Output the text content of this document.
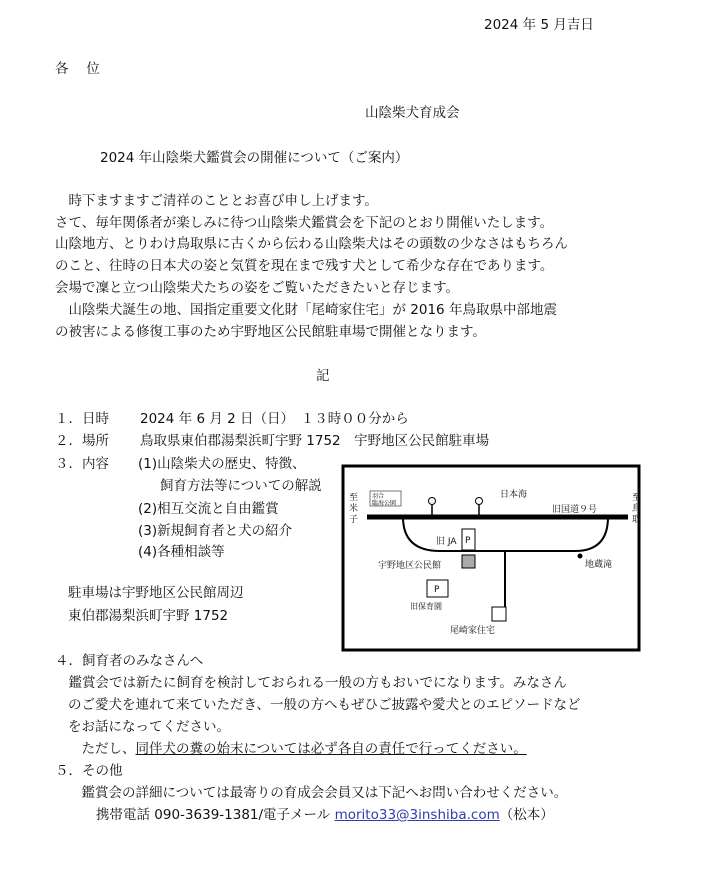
2024 年 5 月吉日
各　 位
山陰柴犬育成会
2024 年山陰柴犬鑑賞会の開催について（ご案内）
　時下ますますご清祥のこととお喜び申し上げます。
さて、毎年関係者が楽しみに待つ山陰柴犬鑑賞会を下記のとおり開催いたします。
山陰地方、とりわけ鳥取県に古くから伝わる山陰柴犬はその頭数の少なさはもちろん
のこと、往時の日本犬の姿と気質を現在まで残す犬として希少な存在であります。
会場で凜と立つ山陰柴犬たちの姿をご覧いただきたいと存じます。
　山陰柴犬誕生の地、国指定重要文化財「尾崎家住宅」が 2016 年鳥取県中部地震
の被害による修復工事のため宇野地区公民館駐車場で開催となります。
記
１．日時 2024 年 6 月 2 日（日）　１３時００分から
２．場所 鳥取県東伯郡湯梨浜町宇野 1752　宇野地区公民館駐車場
３．内容 (1)山陰柴犬の歴史、特徴、
飼育方法等についての解説
(2)相互交流と自由鑑賞
(3)新規飼育者と犬の紹介
(4)各種相談等
駐車場は宇野地区公民館周辺
東伯郡湯梨浜町宇野 1752
羽合
臨海公園
日本海
旧国道９号
至
米
子
至
鳥
取
P
旧 JA
宇野地区公民館	地蔵滝
P
旧保育園
尾崎家住宅
４．飼育者のみなさんへ
　鑑賞会では新たに飼育を検討しておられる一般の方もおいでになります。みなさん
のご愛犬を連れて来ていただき、一般の方へもぜひご披露や愛犬とのエピソードなど
をお話になってください。
　ただし、同伴犬の糞の始末については必ず各自の責任で行ってください。
５．その他
　鑑賞会の詳細については最寄りの育成会会員又は下記へお問い合わせください。
携帯電話 090-3639-1381/電子メール morito33@3inshiba.com（松本）
